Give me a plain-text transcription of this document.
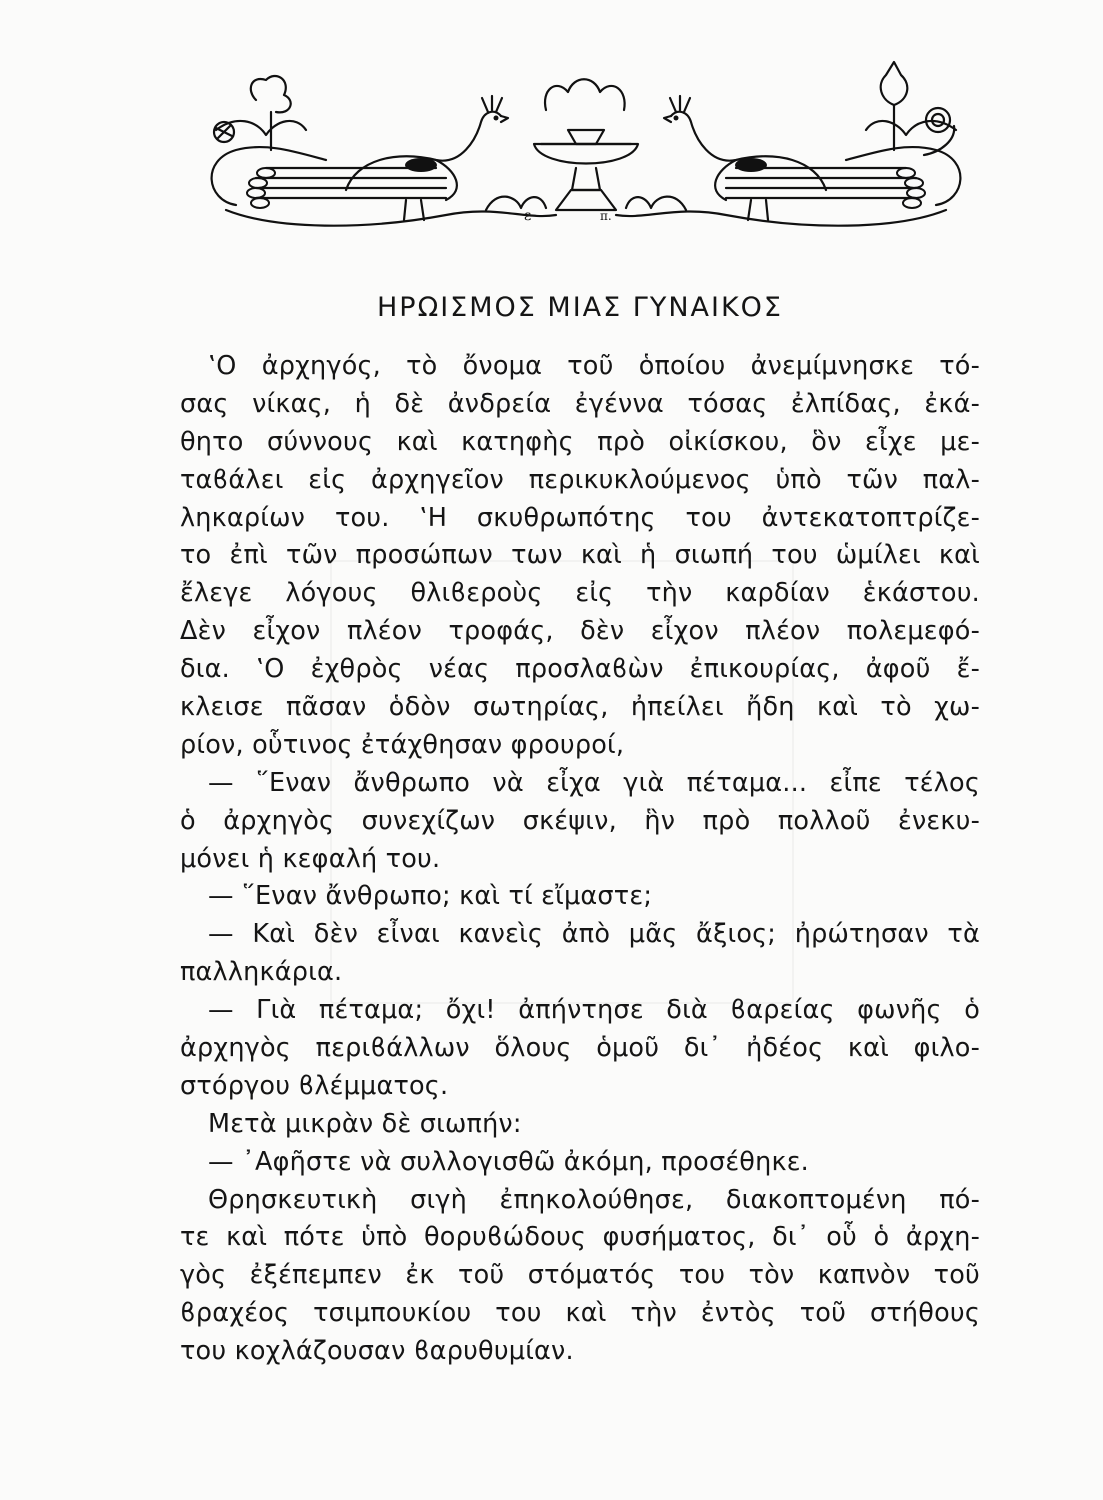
ε	π.
ΗΡΩΙΣΜΟΣ ΜΙΑΣ ΓΥΝΑΙΚΟΣ
‛Ο ἀρχηγός, τὸ ὄνομα τοῦ ὁποίου ἀνεμίμνησκε τό-
σας νίκας, ἡ δὲ ἀνδρεία ἐγέννα τόσας ἐλπίδας, ἐκά-
θητο σύννους καὶ κατηφὴς πρὸ οἰκίσκου, ὃν εἶχε με-
ταϐάλει εἰς ἀρχηγεῖον περικυκλούμενος ὑπὸ τῶν παλ-
ληκαρίων του. ‛Η σκυθρωπότης του ἀντεκατοπτρίζε-
το ἐπὶ τῶν προσώπων των καὶ ἡ σιωπή του ὡμίλει καὶ
ἔλεγε λόγους θλιϐεροὺς εἰς τὴν καρδίαν ἑκάστου.
Δὲν εἶχον πλέον τροφάς, δὲν εἶχον πλέον πολεμεφό-
δια. ‛Ο ἐχθρὸς νέας προσλαϐὼν ἐπικουρίας, ἀφοῦ ἔ-
κλεισε πᾶσαν ὁδὸν σωτηρίας, ἠπείλει ἤδη καὶ τὸ χω-
ρίον, οὗτινος ἐτάχθησαν φρουροί,
— ῞Εναν ἄνθρωπο νὰ εἶχα γιὰ πέταμα... εἶπε τέλος
ὁ ἀρχηγὸς συνεχίζων σκέψιν, ἣν πρὸ πολλοῦ ἐνεκυ-
μόνει ἡ κεφαλή του.
— ῞Εναν ἄνθρωπο; καὶ τί εἴμαστε;
— Καὶ δὲν εἶναι κανεὶς ἀπὸ μᾶς ἄξιος; ἠρώτησαν τὰ
παλληκάρια.
— Γιὰ πέταμα; ὄχι! ἀπήντησε διὰ ϐαρείας φωνῆς ὁ
ἀρχηγὸς περιϐάλλων ὅλους ὁμοῦ δι᾿ ἠδέος καὶ φιλο-
στόργου ϐλέμματος.
Μετὰ μικρὰν δὲ σιωπήν:
— ᾿Αφῆστε νὰ συλλογισθῶ ἀκόμη, προσέθηκε.
Θρησκευτικὴ σιγὴ ἐπηκολούθησε, διακοπτομένη πό-
τε καὶ πότε ὑπὸ θορυϐώδους φυσήματος, δι᾿ οὗ ὁ ἀρχη-
γὸς ἐξέπεμπεν ἐκ τοῦ στόματός του τὸν καπνὸν τοῦ
ϐραχέος τσιμπουκίου του καὶ τὴν ἐντὸς τοῦ στήθους
του κοχλάζουσαν ϐαρυθυμίαν.
